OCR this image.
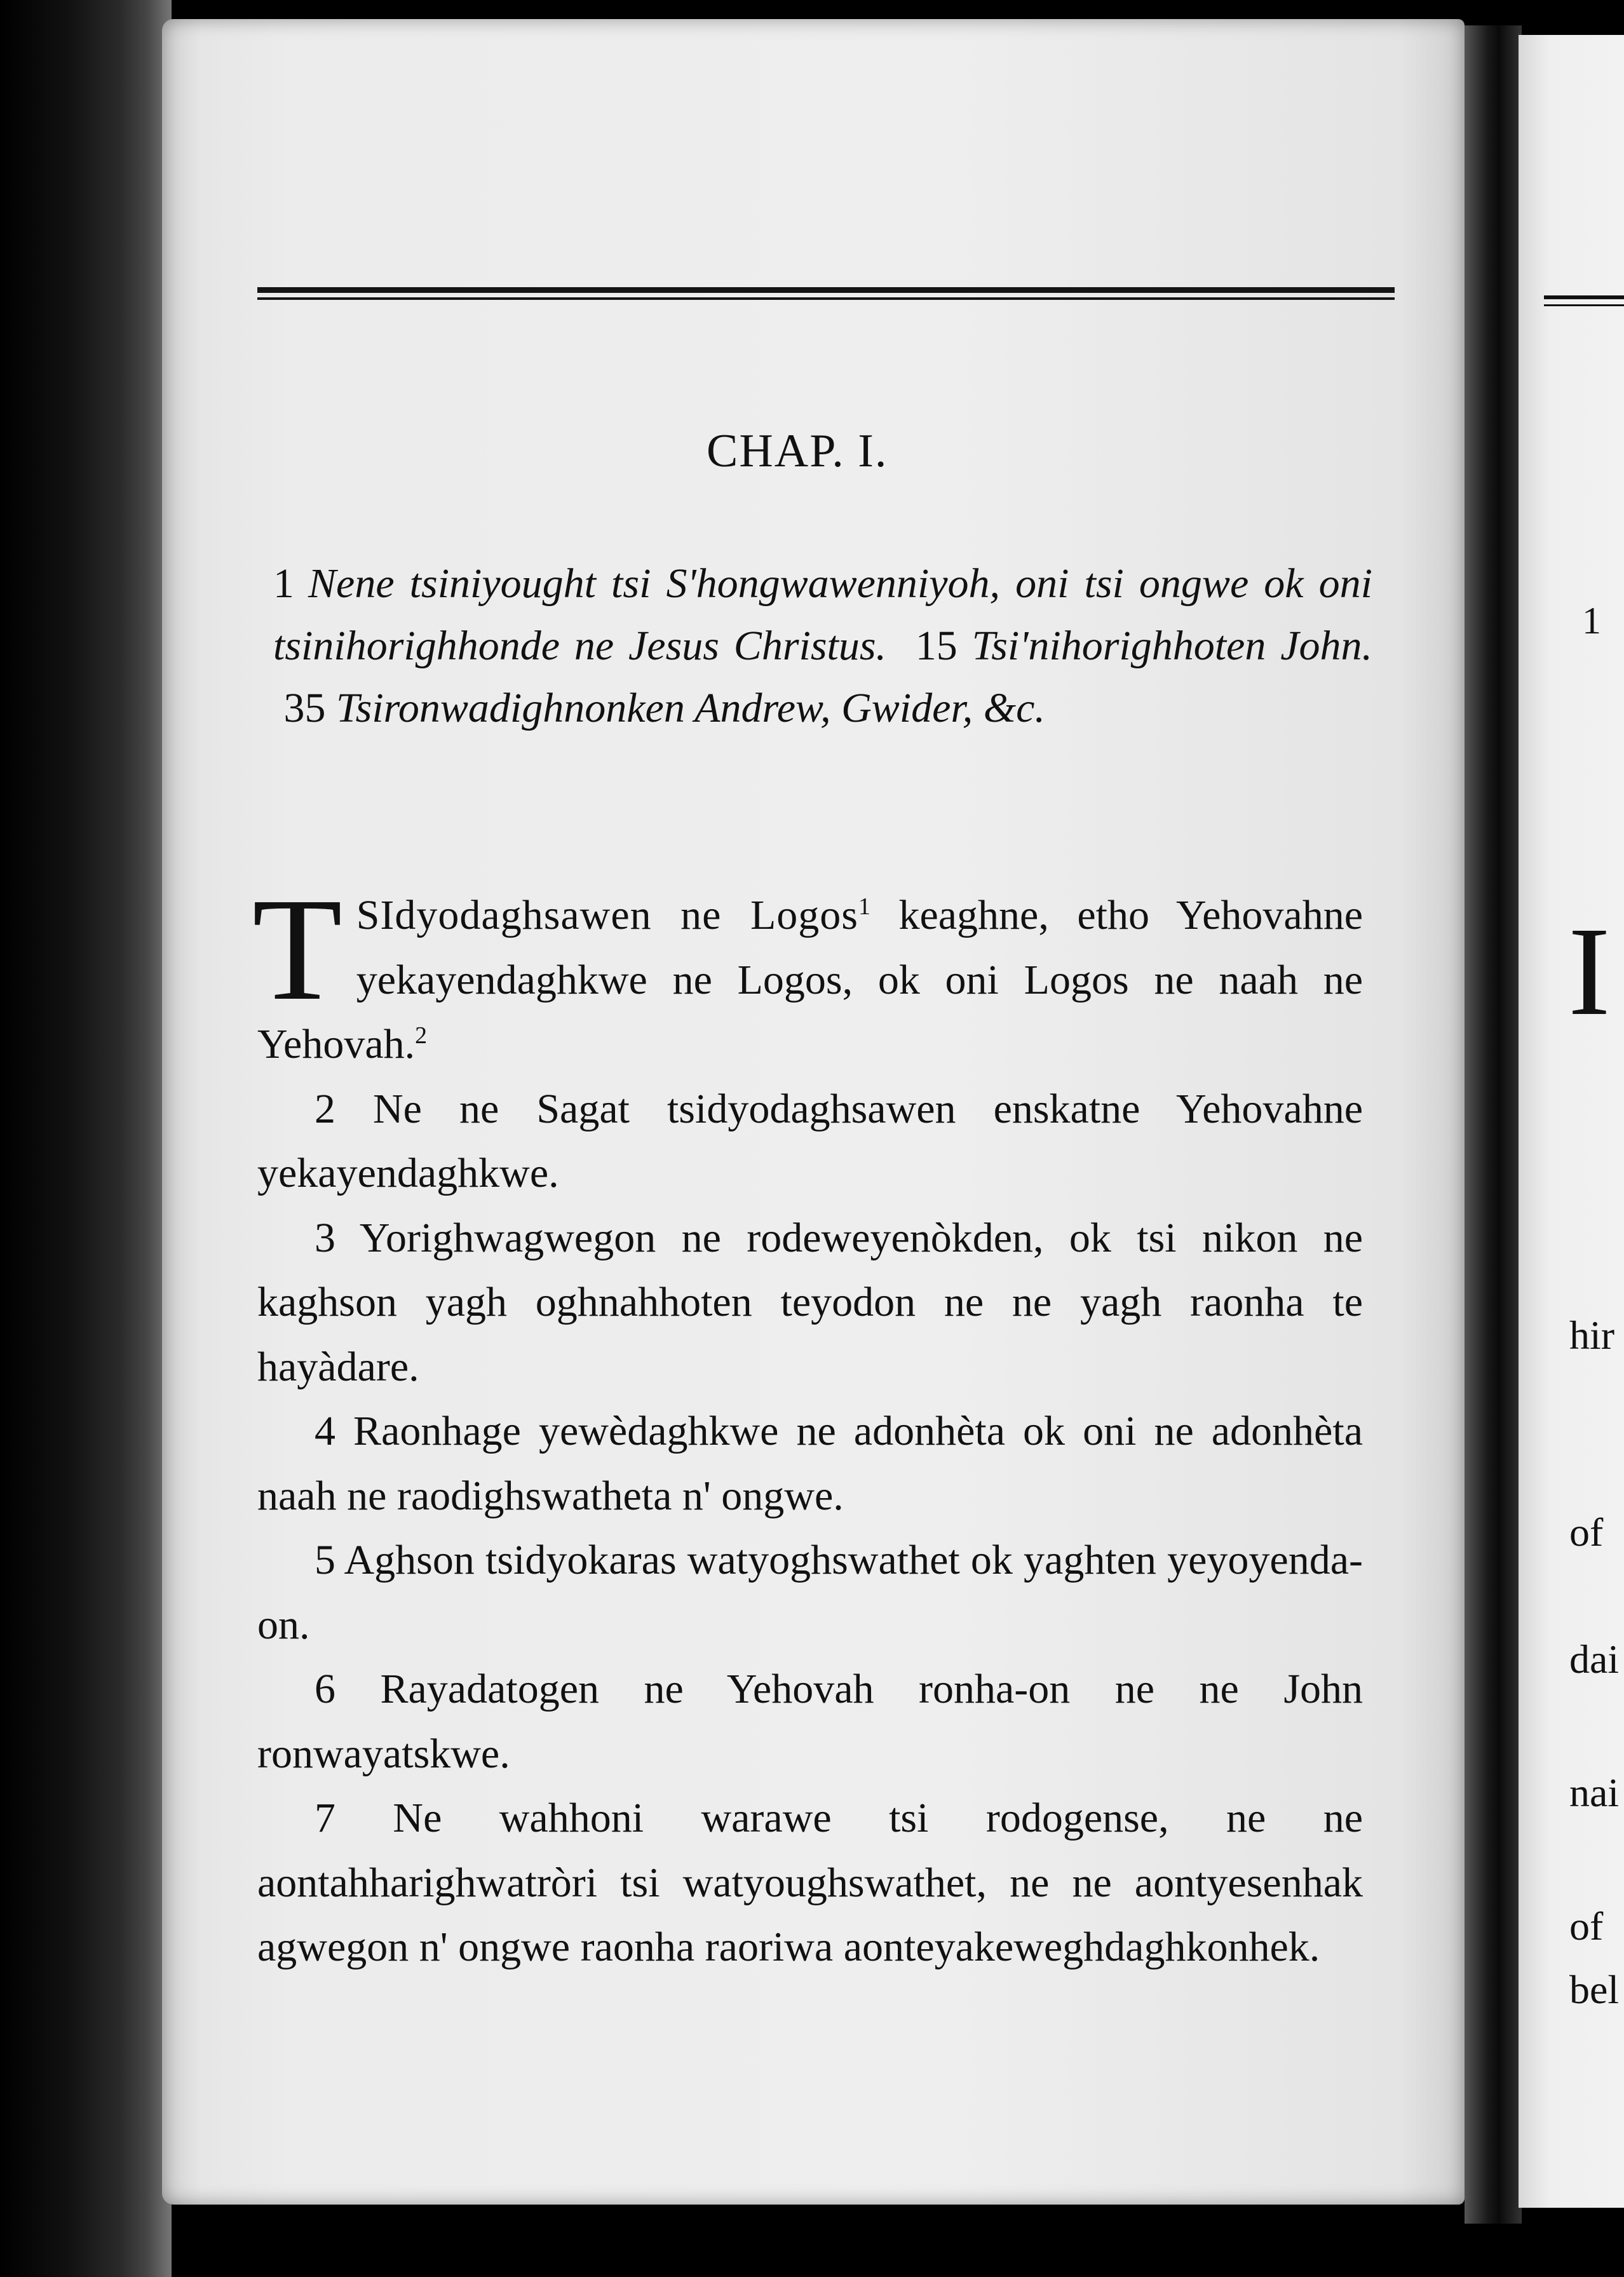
1
I
hir
of
dai
nai
of
bel
CHAP. I.
1 Nene tsiniyought tsi S'hongwawenniyoh, oni tsi ongwe ok oni tsinihorighhonde ne Jesus Christus. 15 Tsi'nihorighhoten John.  35 Tsironwadighnonken Andrew, Gwider, &c.

T SIdyodaghsawen ne Logos$^1$ keaghne, etho Yehovahne yekayendaghkwe ne Logos, ok oni Logos ne naah ne Yehovah.$^2$

2 Ne ne Sagat tsidyodaghsawen enskatne Yehovahne yekayendaghkwe.

3 Yorighwagwegon ne rodeweyenòkden, ok tsi nikon ne kaghson yagh oghnahhoten teyodon ne ne yagh raonha te hayàdare.

4 Raonhage yewèdaghkwe ne adonhèta ok oni ne adonhèta naah ne raodighswatheta n' ongwe.

5 Aghson tsidyokaras watyoghswathet ok yaghten yeyoyenda-on.

6 Rayadatogen ne Yehovah ronha-on ne ne John ronwayatskwe.

7 Ne wahhoni warawe tsi rodogense, ne ne aontahharighwatròri tsi watyoughswathet, ne ne aontyesenhak agwegon n' ongwe raonha raoriwa aonteyakeweghdaghkonhek.
